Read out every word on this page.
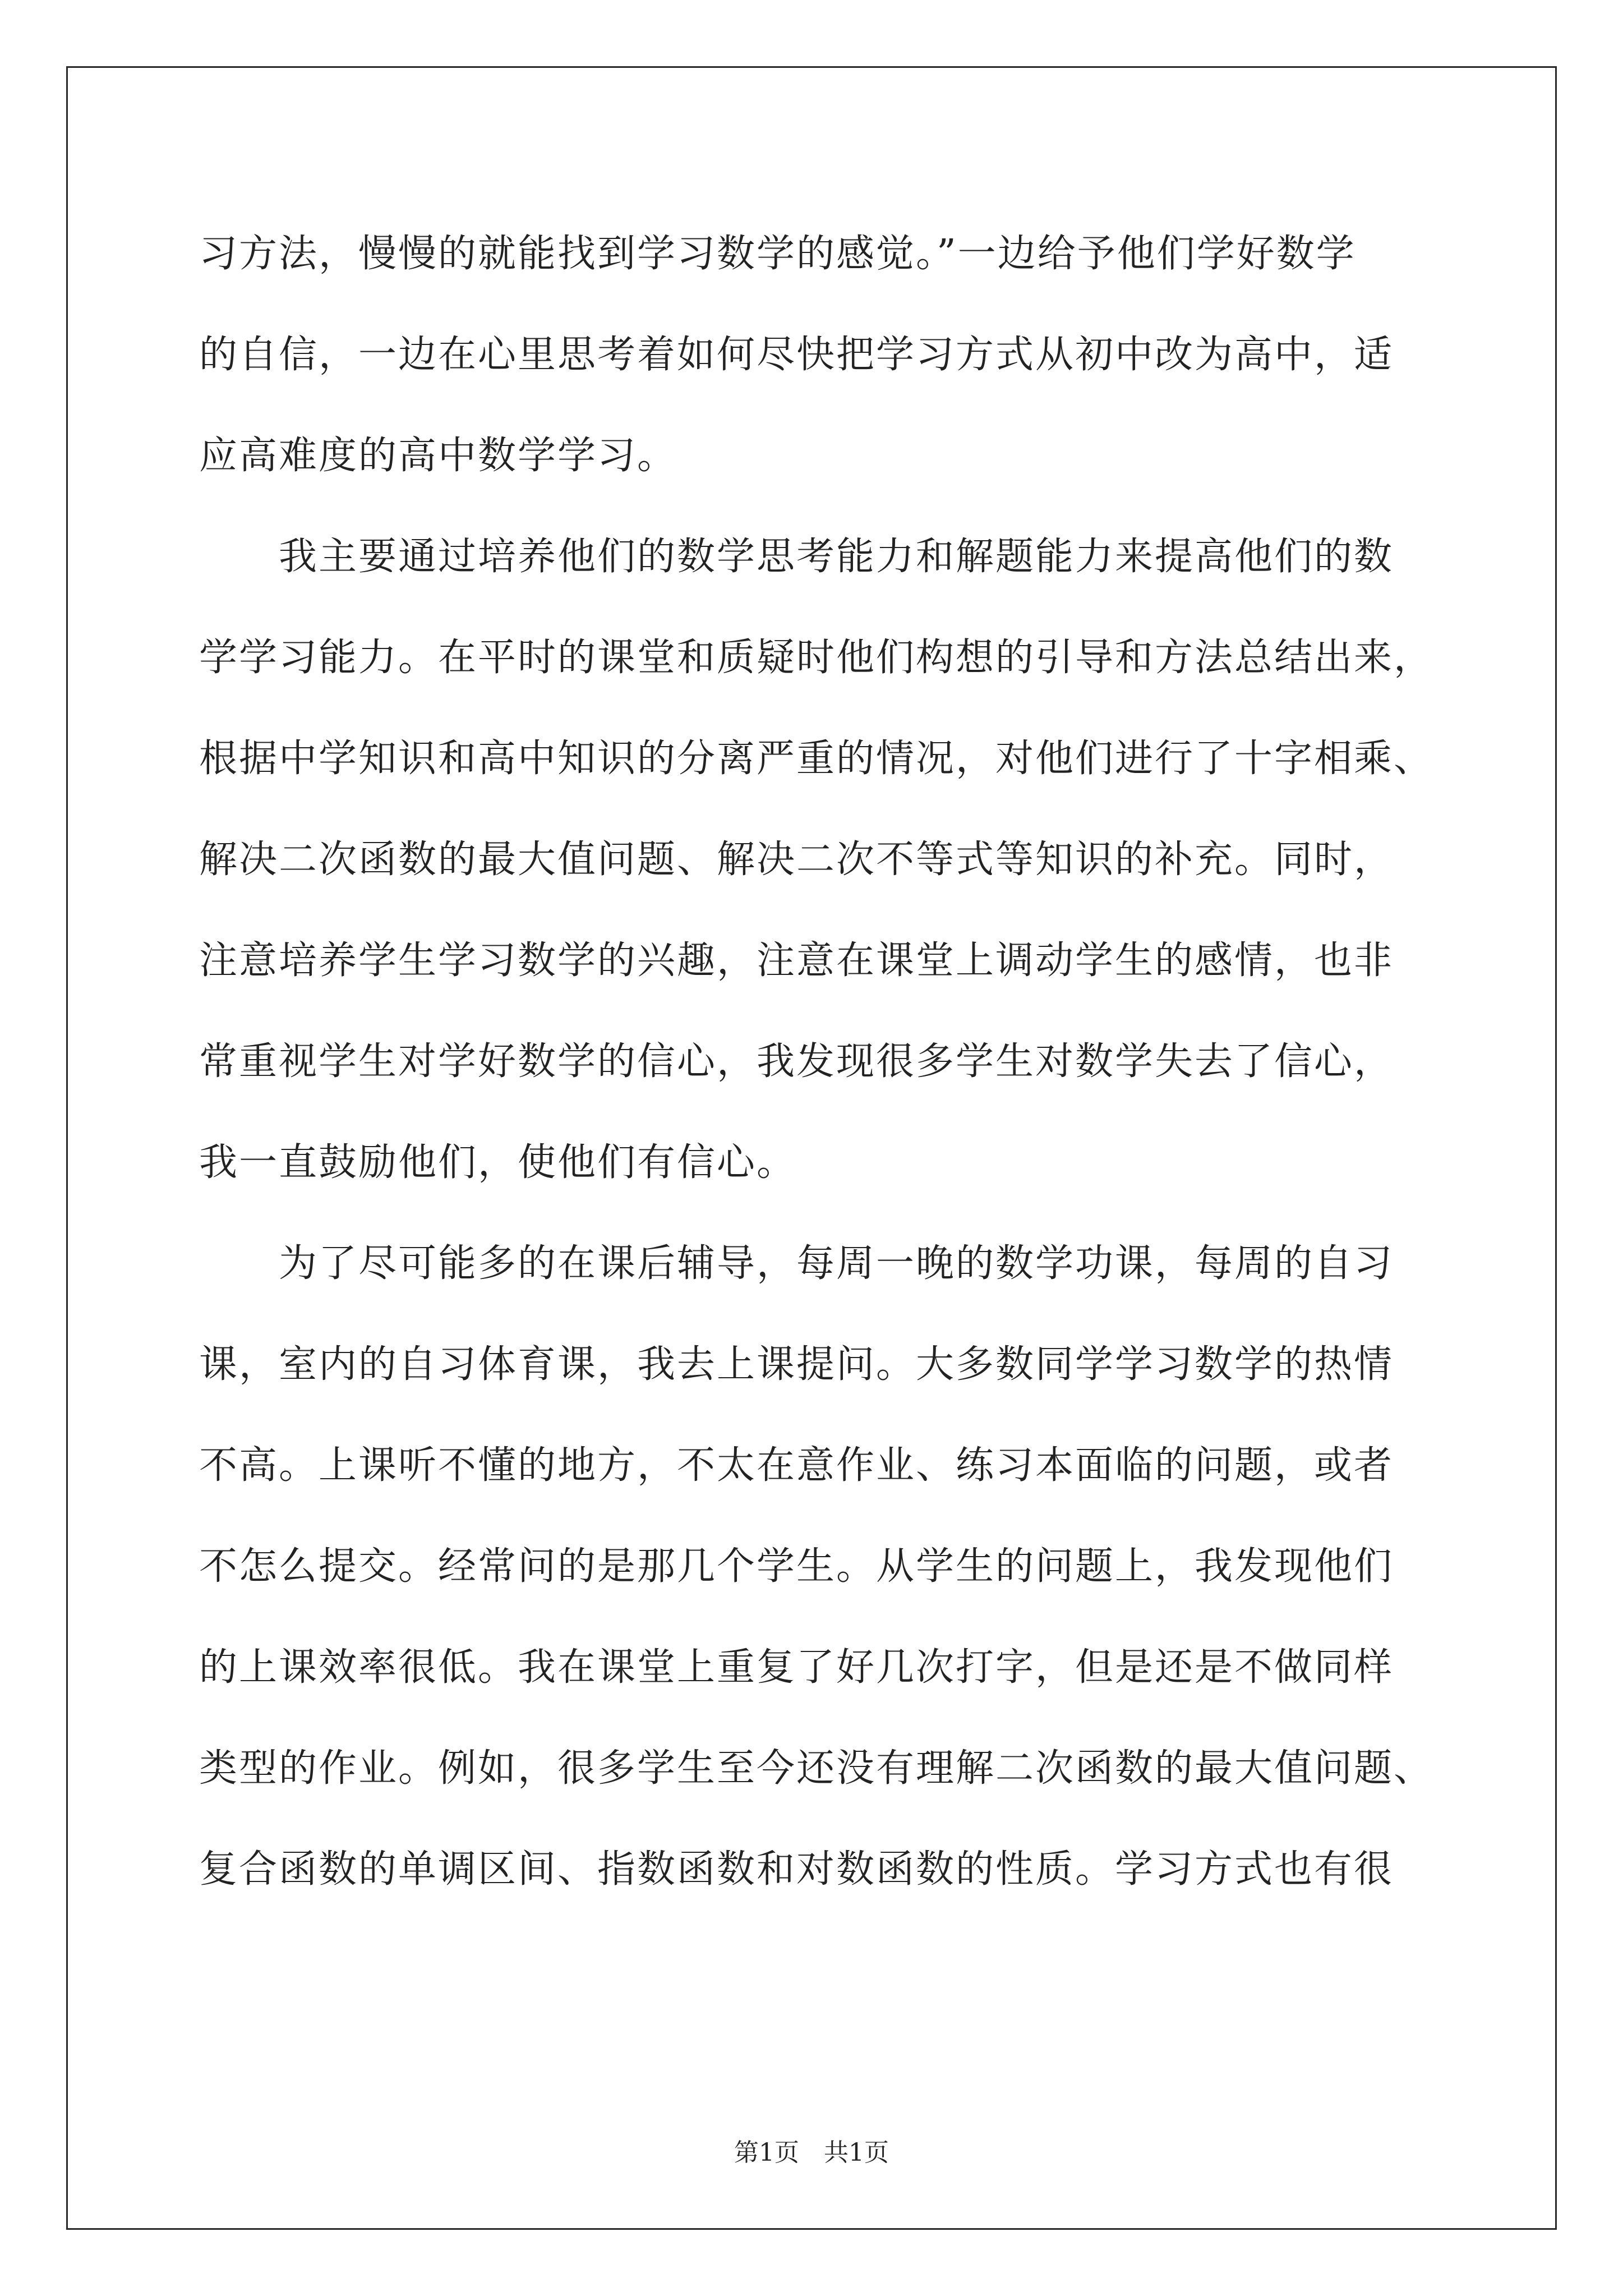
习方法，慢慢的就能找到学习数学的感觉。”一边给予他们学好数学
的自信，一边在心里思考着如何尽快把学习方式从初中改为高中，适
应高难度的高中数学学习。
　　我主要通过培养他们的数学思考能力和解题能力来提高他们的数
学学习能力。在平时的课堂和质疑时他们构想的引导和方法总结出来，
根据中学知识和高中知识的分离严重的情况，对他们进行了十字相乘、
解决二次函数的最大值问题、解决二次不等式等知识的补充。同时，
注意培养学生学习数学的兴趣，注意在课堂上调动学生的感情，也非
常重视学生对学好数学的信心，我发现很多学生对数学失去了信心，
我一直鼓励他们，使他们有信心。
　　为了尽可能多的在课后辅导，每周一晚的数学功课，每周的自习
课，室内的自习体育课，我去上课提问。大多数同学学习数学的热情
不高。上课听不懂的地方，不太在意作业、练习本面临的问题，或者
不怎么提交。经常问的是那几个学生。从学生的问题上，我发现他们
的上课效率很低。我在课堂上重复了好几次打字，但是还是不做同样
类型的作业。例如，很多学生至今还没有理解二次函数的最大值问题、
复合函数的单调区间、指数函数和对数函数的性质。学习方式也有很
第1页　共1页
